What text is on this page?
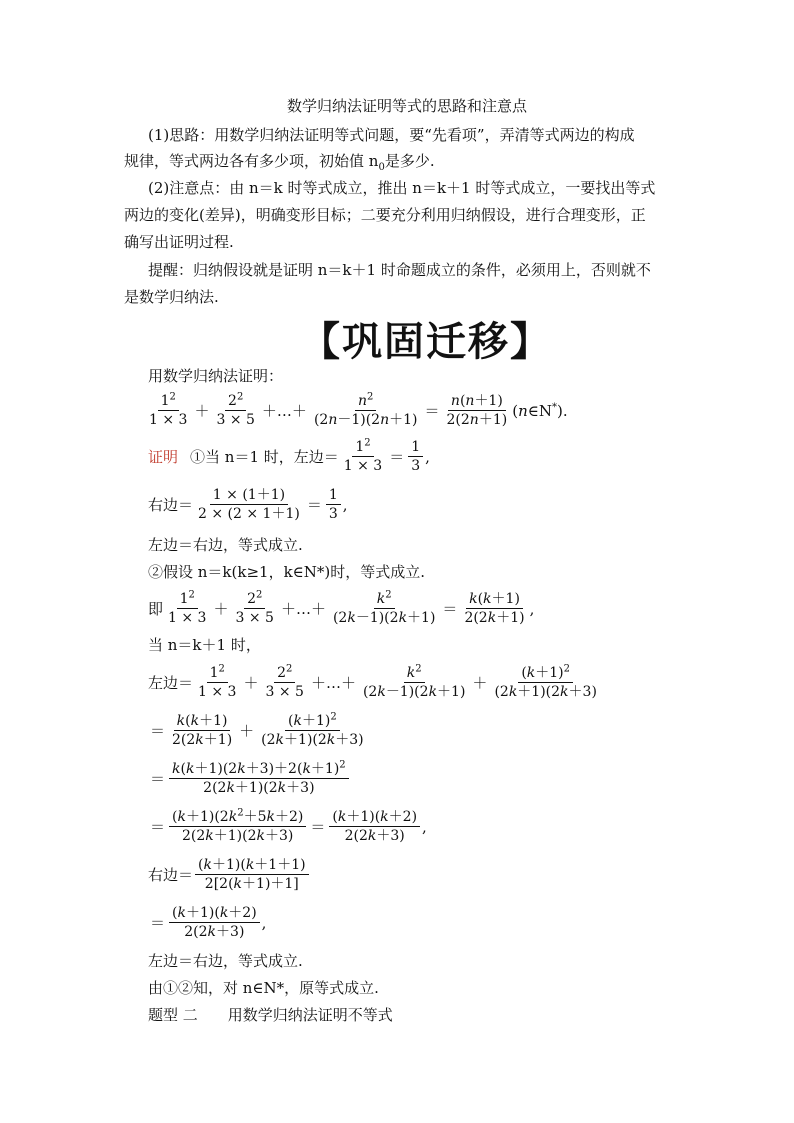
数学归纳法证明等式的思路和注意点
(1)思路：用数学归纳法证明等式问题，要“先看项”，弄清等式两边的构成
规律，等式两边各有多少项，初始值 $n_0$是多少.
(2)注意点：由 n＝k 时等式成立，推出 n＝k＋1 时等式成立，一要找出等式
两边的变化(差异)，明确变形目标；二要充分利用归纳假设，进行合理变形，正
确写出证明过程.
提醒：归纳假设就是证明 n＝k＋1 时命题成立的条件，必须用上，否则就不
是数学归纳法.
【巩固迁移】
用数学归纳法证明：
$\frac{1^2}{1 \times 3} + \frac{2^2}{3 \times 5}$ ＋…＋ $\frac{n^2}{(2n-1)(2n+1)} = \frac{n(n+1)}{2(2n+1)}$ (n∈N*).
证明 ①当 n＝1 时，左边＝ $\frac{1^2}{1 \times 3} = \frac{1}{3}$ ,
右边＝ $\frac{1 \times (1+1)}{2 \times (2 \times 1+1)} = \frac{1}{3}$ ,
左边＝右边，等式成立.
②假设 n＝k(k≥1，k∈N*)时，等式成立.
即 $\frac{1^2}{1 \times 3} + \frac{2^2}{3 \times 5}$ ＋…＋ $\frac{k^2}{(2k-1)(2k+1)} = \frac{k(k+1)}{2(2k+1)}$ ,
当 n＝k＋1 时，
左边＝ $\frac{1^2}{1 \times 3} + \frac{2^2}{3 \times 5}$ ＋…＋ $\frac{k^2}{(2k-1)(2k+1)} + \frac{(k+1)^2}{(2k+1)(2k+3)}$
＝ $\frac{k(k+1)}{2(2k+1)} + \frac{(k+1)^2}{(2k+1)(2k+3)}$
＝ $\frac{k(k+1)(2k+3)+2(k+1)^2}{2(2k+1)(2k+3)}$
＝ $\frac{(k+1)(2k^2+5k+2)}{2(2k+1)(2k+3)} = \frac{(k+1)(k+2)}{2(2k+3)}$ ,
右边＝ $\frac{(k+1)(k+1+1)}{2[2(k+1)+1]}$
＝ $\frac{(k+1)(k+2)}{2(2k+3)}$ ,
左边＝右边，等式成立.
由①②知，对 n∈N*，原等式成立.
题型 二　　用数学归纳法证明不等式
